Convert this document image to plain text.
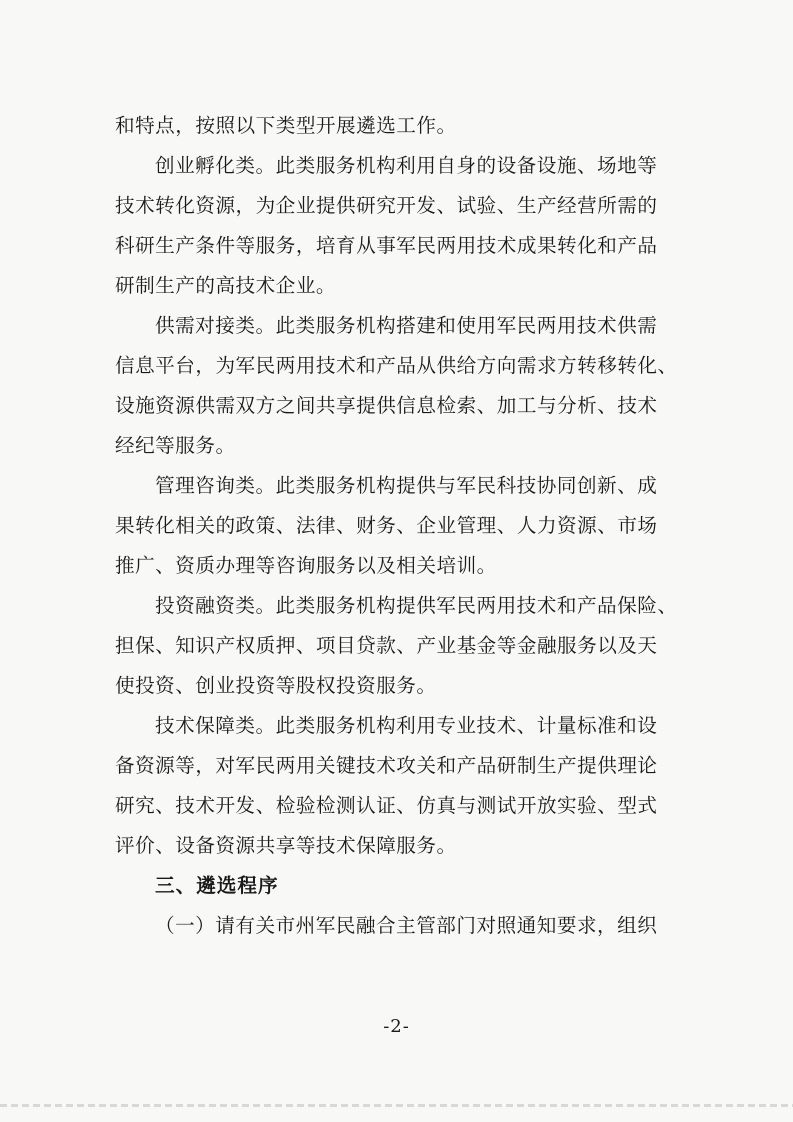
和特点，按照以下类型开展遴选工作。
创业孵化类。此类服务机构利用自身的设备设施、场地等
技术转化资源，为企业提供研究开发、试验、生产经营所需的
科研生产条件等服务，培育从事军民两用技术成果转化和产品
研制生产的高技术企业。
供需对接类。此类服务机构搭建和使用军民两用技术供需
信息平台，为军民两用技术和产品从供给方向需求方转移转化、
设施资源供需双方之间共享提供信息检索、加工与分析、技术
经纪等服务。
管理咨询类。此类服务机构提供与军民科技协同创新、成
果转化相关的政策、法律、财务、企业管理、人力资源、市场
推广、资质办理等咨询服务以及相关培训。
投资融资类。此类服务机构提供军民两用技术和产品保险、
担保、知识产权质押、项目贷款、产业基金等金融服务以及天
使投资、创业投资等股权投资服务。
技术保障类。此类服务机构利用专业技术、计量标准和设
备资源等，对军民两用关键技术攻关和产品研制生产提供理论
研究、技术开发、检验检测认证、仿真与测试开放实验、型式
评价、设备资源共享等技术保障服务。
三、遴选程序
（一）请有关市州军民融合主管部门对照通知要求，组织
-2-
